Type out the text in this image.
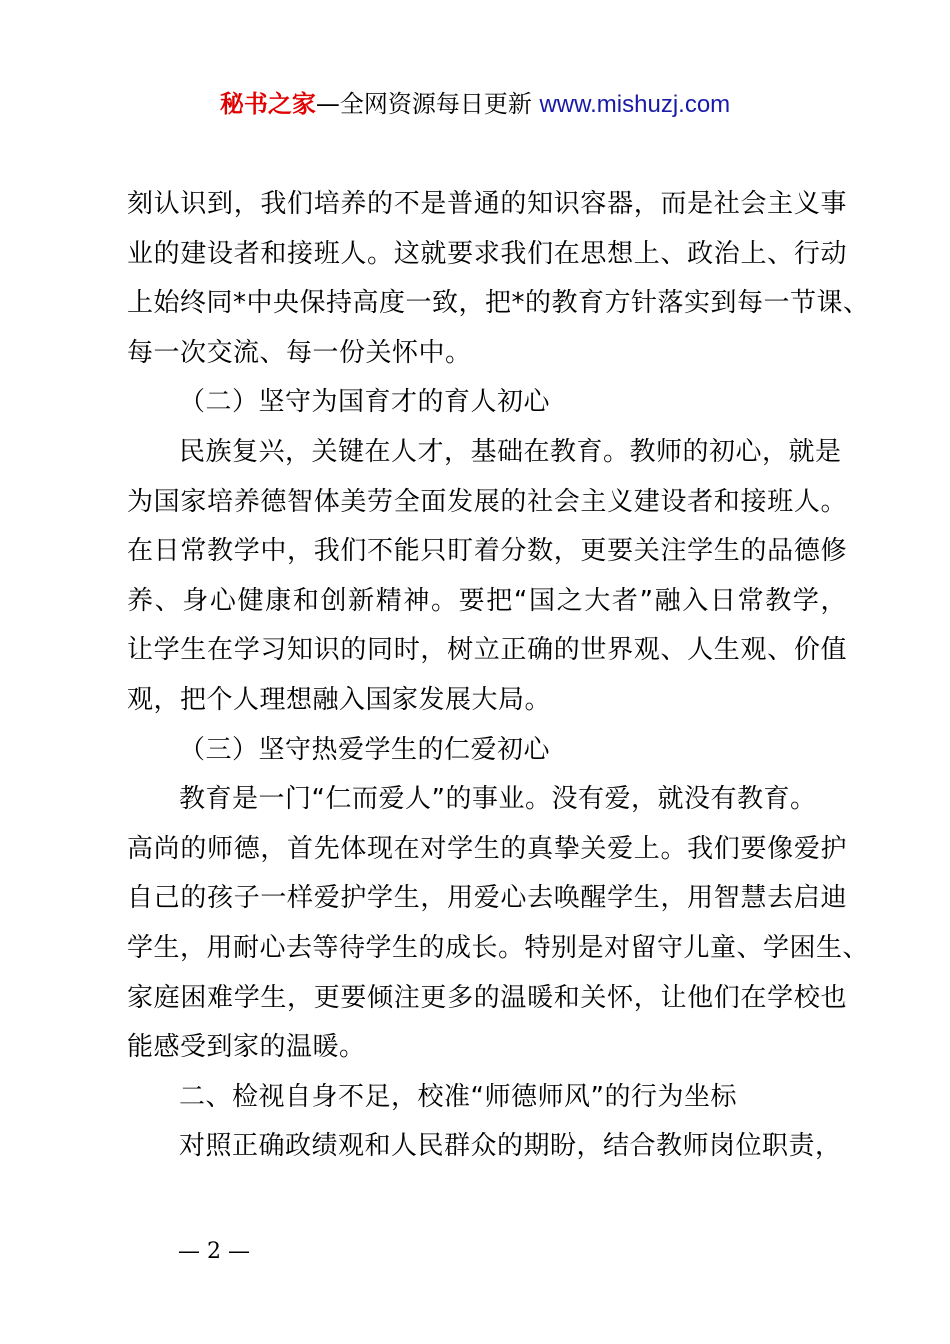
秘书之家—全网资源每日更新 www.mishuzj.com
刻认识到，我们培养的不是普通的知识容器，而是社会主义事
业的建设者和接班人。这就要求我们在思想上、政治上、行动
上始终同*中央保持高度一致，把*的教育方针落实到每一节课、
每一次交流、每一份关怀中。
（二）坚守为国育才的育人初心
民族复兴，关键在人才，基础在教育。教师的初心，就是
为国家培养德智体美劳全面发展的社会主义建设者和接班人。
在日常教学中，我们不能只盯着分数，更要关注学生的品德修
养、身心健康和创新精神。要把“国之大者”融入日常教学，
让学生在学习知识的同时，树立正确的世界观、人生观、价值
观，把个人理想融入国家发展大局。
（三）坚守热爱学生的仁爱初心
教育是一门“仁而爱人”的事业。没有爱，就没有教育。
高尚的师德，首先体现在对学生的真挚关爱上。我们要像爱护
自己的孩子一样爱护学生，用爱心去唤醒学生，用智慧去启迪
学生，用耐心去等待学生的成长。特别是对留守儿童、学困生、
家庭困难学生，更要倾注更多的温暖和关怀，让他们在学校也
能感受到家的温暖。
二、检视自身不足，校准“师德师风”的行为坐标
对照正确政绩观和人民群众的期盼，结合教师岗位职责，
— 2 —
